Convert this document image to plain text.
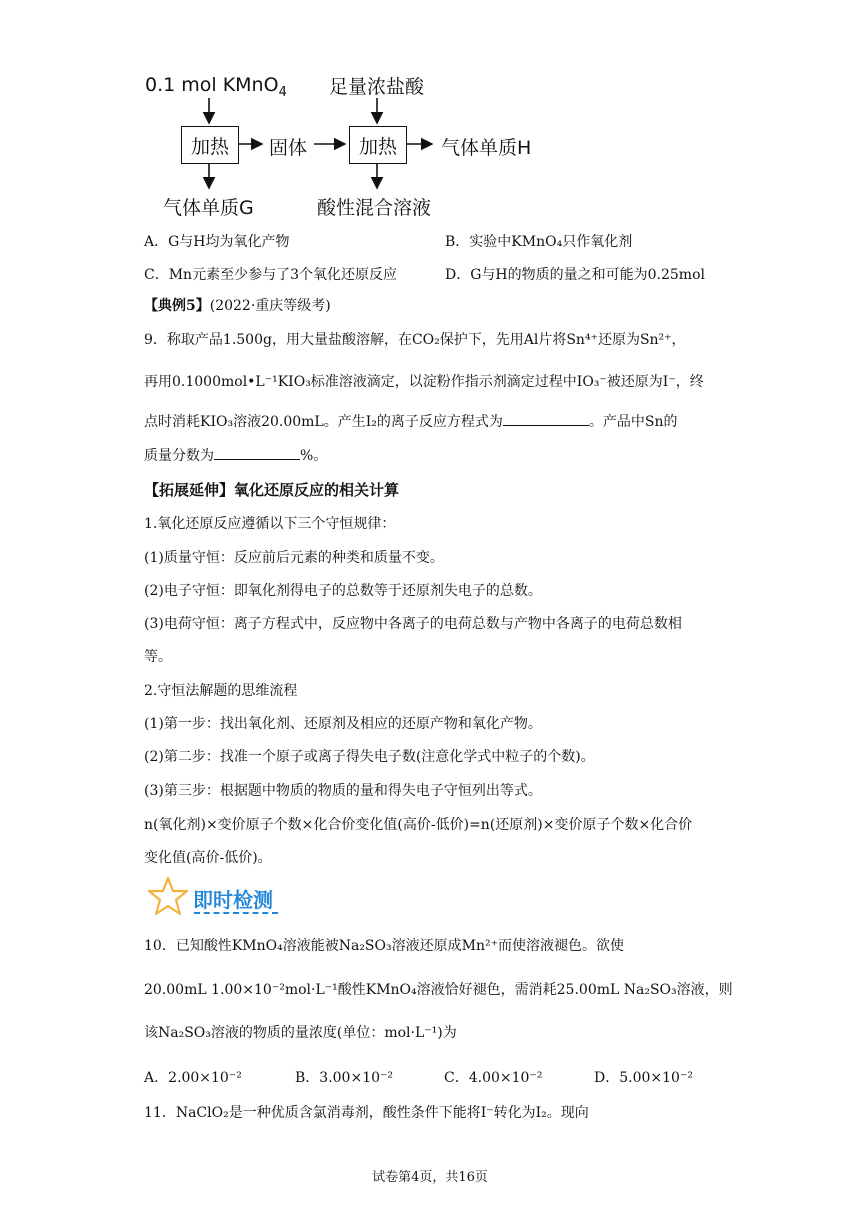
0.1 mol KMnO$_4$ 足量浓盐酸
加热	固体	加热	气体单质H
气体单质G	酸性混合溶液
A．G与H均为氧化产物	B．实验中KMnO₄只作氧化剂
C．Mn元素至少参与了3个氧化还原反应	D．G与H的物质的量之和可能为0.25mol
【典例5】(2022·重庆等级考)
9．称取产品1.500g，用大量盐酸溶解，在CO₂保护下，先用Al片将Sn⁴⁺还原为Sn²⁺，
再用0.1000mol•L⁻¹KIO₃标准溶液滴定，以淀粉作指示剂滴定过程中IO₃⁻被还原为I⁻，终
点时消耗KIO₃溶液20.00mL。产生I₂的离子反应方程式为	。产品中Sn的
质量分数为	%。
【拓展延伸】氧化还原反应的相关计算
1.氧化还原反应遵循以下三个守恒规律：
(1)质量守恒：反应前后元素的种类和质量不变。
(2)电子守恒：即氧化剂得电子的总数等于还原剂失电子的总数。
(3)电荷守恒：离子方程式中，反应物中各离子的电荷总数与产物中各离子的电荷总数相
等。
2.守恒法解题的思维流程
(1)第一步：找出氧化剂、还原剂及相应的还原产物和氧化产物。
(2)第二步：找准一个原子或离子得失电子数(注意化学式中粒子的个数)。
(3)第三步：根据题中物质的物质的量和得失电子守恒列出等式。
n(氧化剂)×变价原子个数×化合价变化值(高价-低价)=n(还原剂)×变价原子个数×化合价
变化值(高价-低价)。
即时检测
10．已知酸性KMnO₄溶液能被Na₂SO₃溶液还原成Mn²⁺而使溶液褪色。欲使
20.00mL 1.00×10⁻²mol·L⁻¹酸性KMnO₄溶液恰好褪色，需消耗25.00mL Na₂SO₃溶液，则
该Na₂SO₃溶液的物质的量浓度(单位：mol·L⁻¹)为
A．2.00×10⁻²	B．3.00×10⁻²	C．4.00×10⁻²	D．5.00×10⁻²
11．NaClO₂是一种优质含氯消毒剂，酸性条件下能将I⁻转化为I₂。现向
试卷第4页，共16页
